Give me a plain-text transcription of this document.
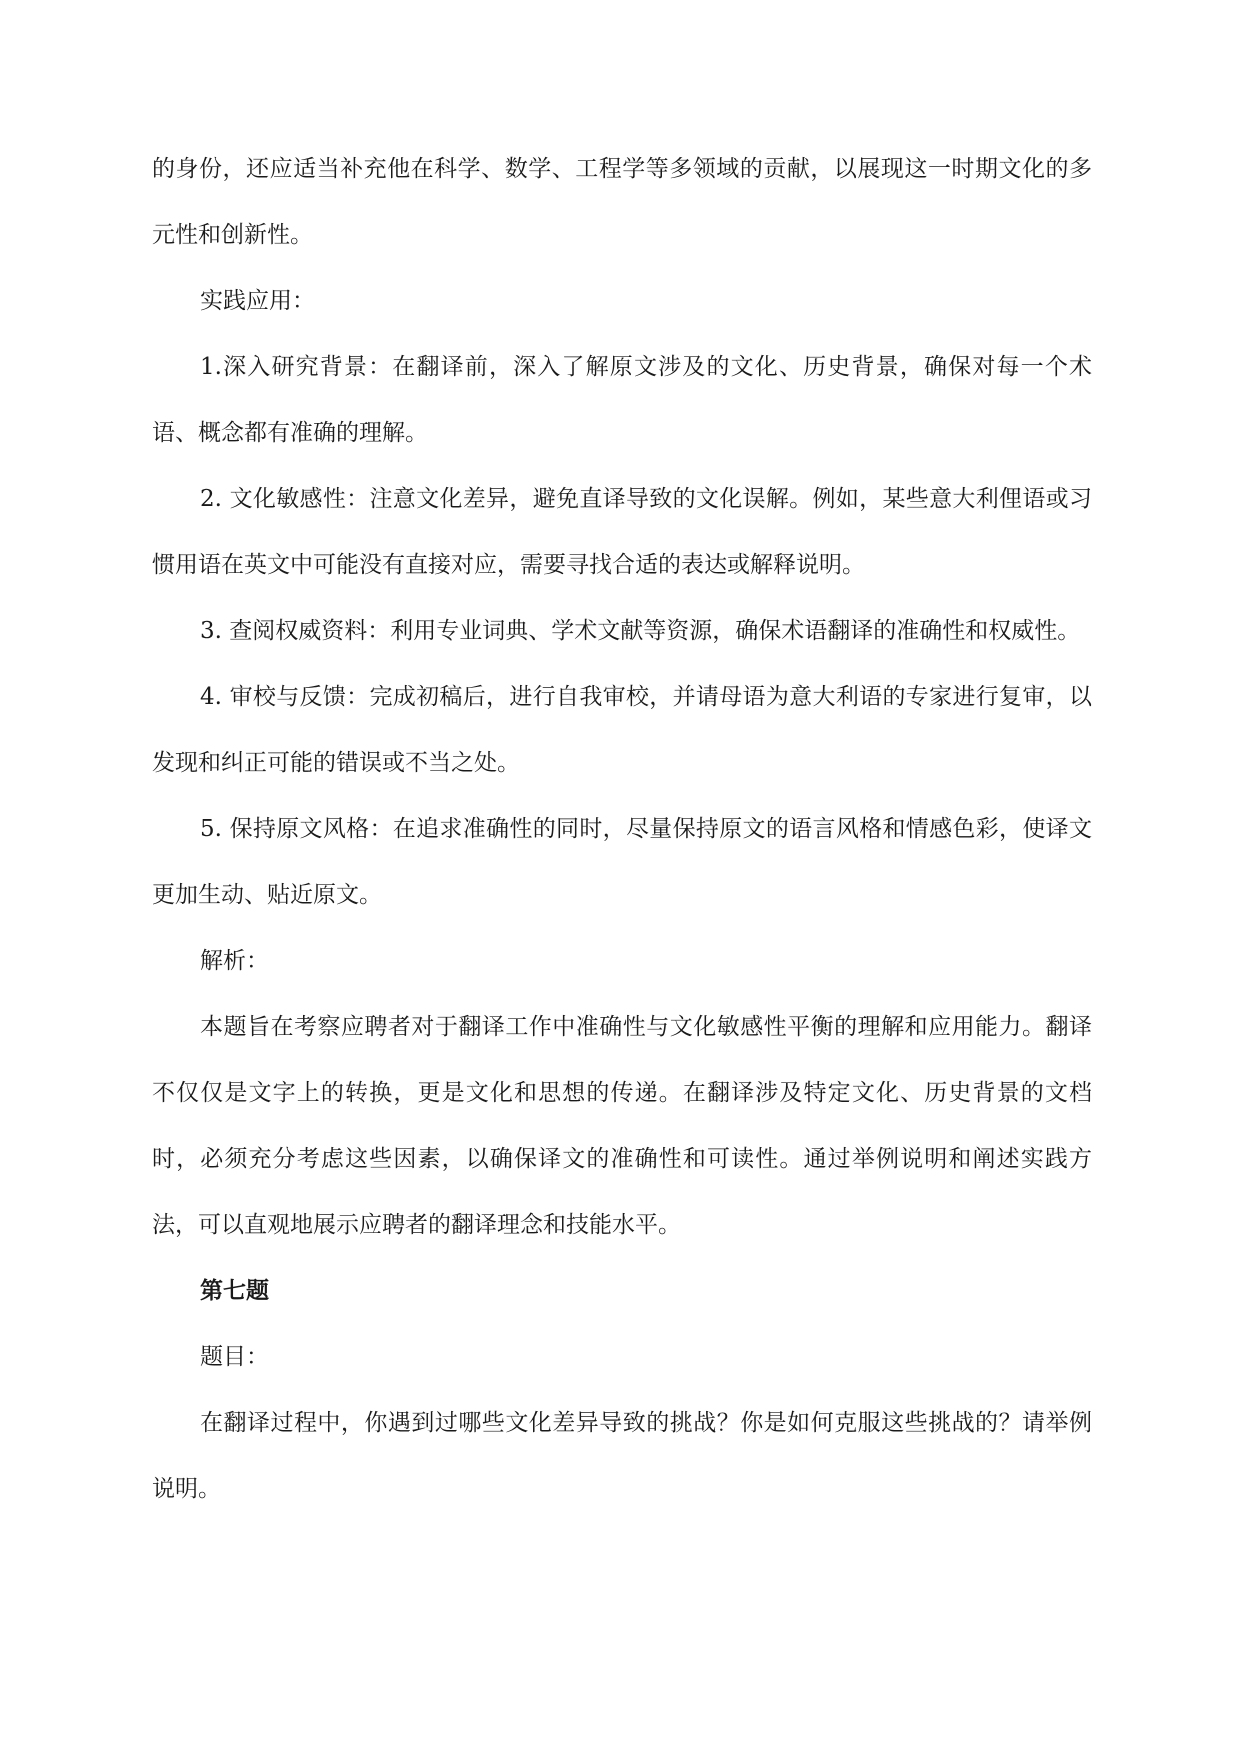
的身份，还应适当补充他在科学、数学、工程学等多领域的贡献，以展现这一时期文化的多元性和创新性。

实践应用：

1.深入研究背景：在翻译前，深入了解原文涉及的文化、历史背景，确保对每一个术语、概念都有准确的理解。

2. 文化敏感性：注意文化差异，避免直译导致的文化误解。例如，某些意大利俚语或习惯用语在英文中可能没有直接对应，需要寻找合适的表达或解释说明。

3. 查阅权威资料：利用专业词典、学术文献等资源，确保术语翻译的准确性和权威性。

4. 审校与反馈：完成初稿后，进行自我审校，并请母语为意大利语的专家进行复审，以发现和纠正可能的错误或不当之处。

5. 保持原文风格：在追求准确性的同时，尽量保持原文的语言风格和情感色彩，使译文更加生动、贴近原文。

解析：

本题旨在考察应聘者对于翻译工作中准确性与文化敏感性平衡的理解和应用能力。翻译不仅仅是文字上的转换，更是文化和思想的传递。在翻译涉及特定文化、历史背景的文档时，必须充分考虑这些因素，以确保译文的准确性和可读性。通过举例说明和阐述实践方法，可以直观地展示应聘者的翻译理念和技能水平。

第七题

题目：

在翻译过程中，你遇到过哪些文化差异导致的挑战？你是如何克服这些挑战的？请举例说明。
